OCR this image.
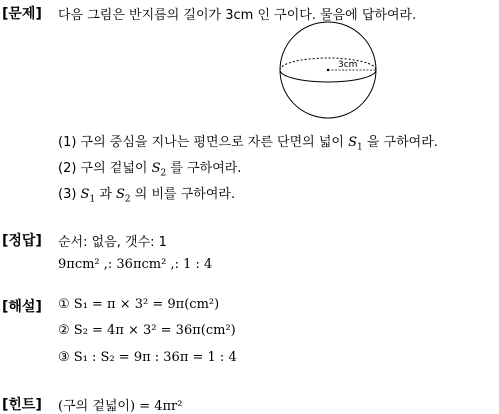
[문제] 다음 그림은 반지름의 길이가 3cm 인 구이다. 물음에 답하여라.
3cm
(1) 구의 중심을 지나는 평면으로 자른 단면의 넓이 $S_1$ 을 구하여라.
(2) 구의 겉넓이 $S_2$ 를 구하여라.
(3) $S_1$ 과 $S_2$ 의 비를 구하여라.
[정답] 순서: 없음, 갯수: 1
9πcm² ,: 36πcm² ,: 1 : 4
[해설] ① S₁ = π × 3² = 9π(cm²)
② S₂ = 4π × 3² = 36π(cm²)
③ S₁ : S₂ = 9π : 36π = 1 : 4
[힌트] (구의 겉넓이) = 4πr²
